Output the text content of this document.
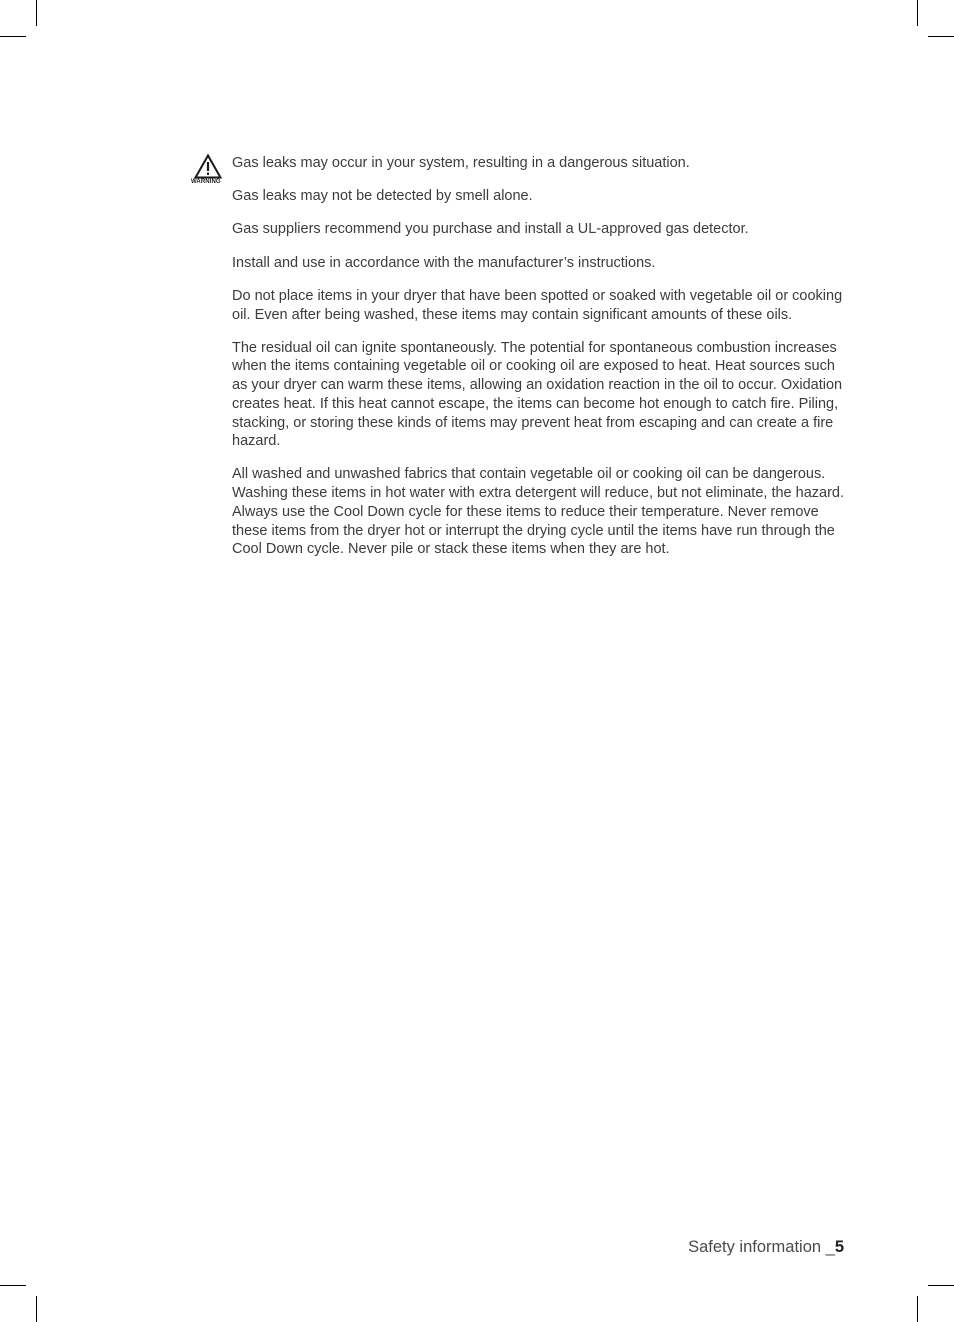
WARNING

Gas leaks may occur in your system, resulting in a dangerous situation.

Gas leaks may not be detected by smell alone.

Gas suppliers recommend you purchase and install a UL-approved gas detector.

Install and use in accordance with the manufacturer’s instructions.

Do not place items in your dryer that have been spotted or soaked with vegetable oil or cooking oil. Even after being washed, these items may contain significant amounts of these oils.

The residual oil can ignite spontaneously. The potential for spontaneous combustion increases when the items containing vegetable oil or cooking oil are exposed to heat. Heat sources such as your dryer can warm these items, allowing an oxidation reaction in the oil to occur. Oxidation creates heat. If this heat cannot escape, the items can become hot enough to catch fire. Piling, stacking, or storing these kinds of items may prevent heat from escaping and can create a fire hazard.

All washed and unwashed fabrics that contain vegetable oil or cooking oil can be dangerous. Washing these items in hot water with extra detergent will reduce, but not eliminate, the hazard. Always use the Cool Down cycle for these items to reduce their temperature. Never remove these items from the dryer hot or interrupt the drying cycle until the items have run through the Cool Down cycle. Never pile or stack these items when they are hot.

Safety information _5
